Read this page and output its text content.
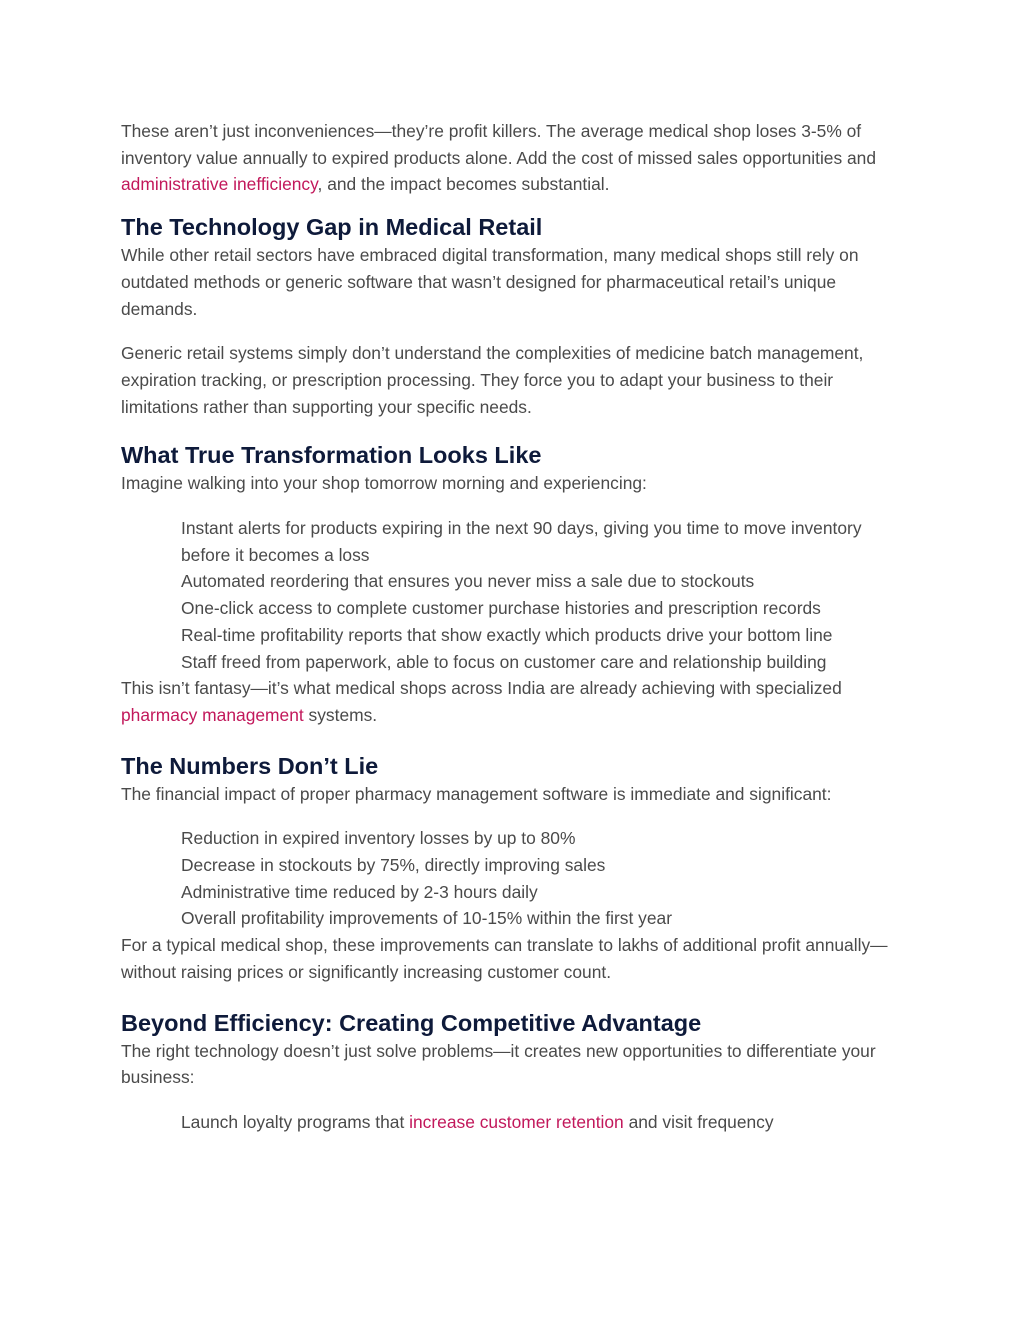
These aren’t just inconveniences—they’re profit killers. The average medical shop loses 3-5% of inventory value annually to expired products alone. Add the cost of missed sales opportunities and administrative inefficiency, and the impact becomes substantial.

The Technology Gap in Medical Retail

While other retail sectors have embraced digital transformation, many medical shops still rely on outdated methods or generic software that wasn’t designed for pharmaceutical retail’s unique demands.

Generic retail systems simply don’t understand the complexities of medicine batch management, expiration tracking, or prescription processing. They force you to adapt your business to their limitations rather than supporting your specific needs.

What True Transformation Looks Like

Imagine walking into your shop tomorrow morning and experiencing:

Instant alerts for products expiring in the next 90 days, giving you time to move inventory before it becomes a loss
Automated reordering that ensures you never miss a sale due to stockouts
One-click access to complete customer purchase histories and prescription records
Real-time profitability reports that show exactly which products drive your bottom line
Staff freed from paperwork, able to focus on customer care and relationship building

This isn’t fantasy—it’s what medical shops across India are already achieving with specialized pharmacy management systems.

The Numbers Don’t Lie

The financial impact of proper pharmacy management software is immediate and significant:

Reduction in expired inventory losses by up to 80%
Decrease in stockouts by 75%, directly improving sales
Administrative time reduced by 2-3 hours daily
Overall profitability improvements of 10-15% within the first year

For a typical medical shop, these improvements can translate to lakhs of additional profit annually—without raising prices or significantly increasing customer count.

Beyond Efficiency: Creating Competitive Advantage

The right technology doesn’t just solve problems—it creates new opportunities to differentiate your business:

Launch loyalty programs that increase customer retention and visit frequency
